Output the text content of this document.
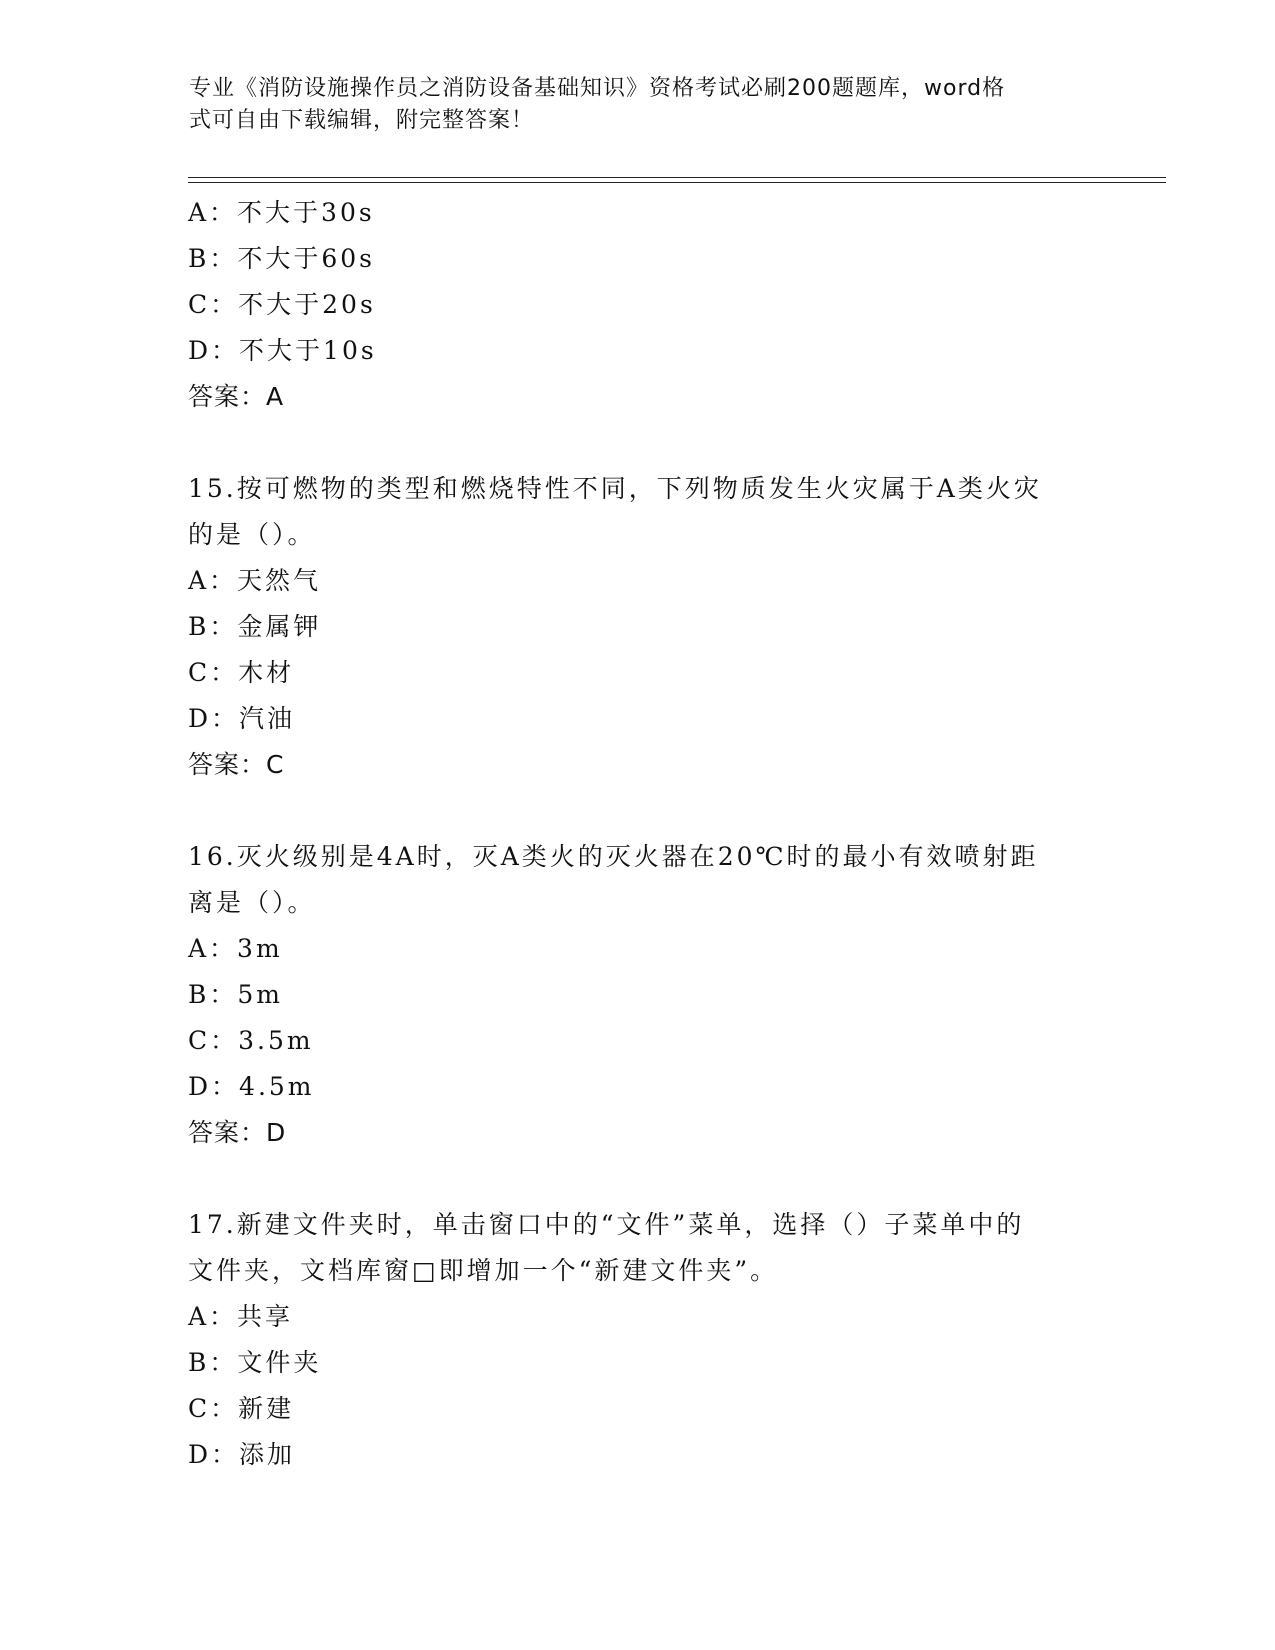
专业《消防设施操作员之消防设备基础知识》资格考试必刷200题题库，word格
式可自由下载编辑，附完整答案！
A：不大于30s
B：不大于60s
C：不大于20s
D：不大于10s
答案：A
15.按可燃物的类型和燃烧特性不同，下列物质发生火灾属于A类火灾
的是（）。
A：天然气
B：金属钾
C：木材
D：汽油
答案：C
16.灭火级别是4A时，灭A类火的灭火器在20℃时的最小有效喷射距
离是（）。
A：3m
B：5m
C：3.5m
D：4.5m
答案：D
17.新建文件夹时，单击窗口中的“文件”菜单，选择（）子菜单中的
文件夹，文档库窗□即增加一个“新建文件夹”。
A：共享
B：文件夹
C：新建
D：添加
